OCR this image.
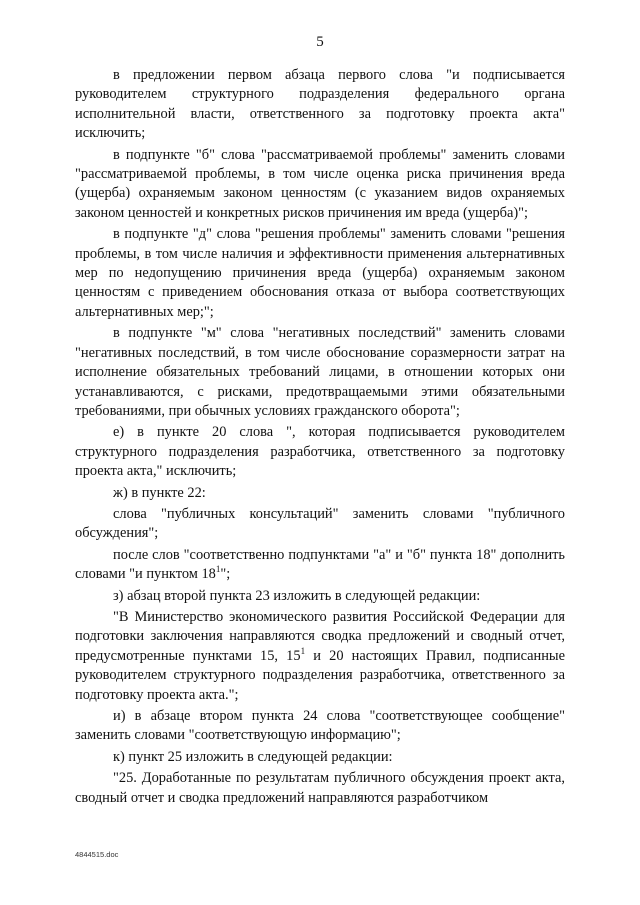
5

в предложении первом абзаца первого слова "и подписывается руководителем структурного подразделения федерального органа исполнительной власти, ответственного за подготовку проекта акта" исключить;

в подпункте "б" слова "рассматриваемой проблемы" заменить словами "рассматриваемой проблемы, в том числе оценка риска причинения вреда (ущерба) охраняемым законом ценностям (с указанием видов охраняемых законом ценностей и конкретных рисков причинения им вреда (ущерба)";

в подпункте "д" слова "решения проблемы" заменить словами "решения проблемы, в том числе наличия и эффективности применения альтернативных мер по недопущению причинения вреда (ущерба) охраняемым законом ценностям с приведением обоснования отказа от выбора соответствующих альтернативных мер;";

в подпункте "м" слова "негативных последствий" заменить словами "негативных последствий, в том числе обоснование соразмерности затрат на исполнение обязательных требований лицами, в отношении которых они устанавливаются, с рисками, предотвращаемыми этими обязательными требованиями, при обычных условиях гражданского оборота";

е) в пункте 20 слова ", которая подписывается руководителем структурного подразделения разработчика, ответственного за подготовку проекта акта," исключить;

ж) в пункте 22:

слова "публичных консультаций" заменить словами "публичного обсуждения";

после слов "соответственно подпунктами "а" и "б" пункта 18" дополнить словами "и пунктом $18^1$";

з) абзац второй пункта 23 изложить в следующей редакции:

"В Министерство экономического развития Российской Федерации для подготовки заключения направляются сводка предложений и сводный отчет, предусмотренные пунктами 15, $15^1$ и 20 настоящих Правил, подписанные руководителем структурного подразделения разработчика, ответственного за подготовку проекта акта.";

и) в абзаце втором пункта 24 слова "соответствующее сообщение" заменить словами "соответствующую информацию";

к) пункт 25 изложить в следующей редакции:

"25. Доработанные по результатам публичного обсуждения проект акта, сводный отчет и сводка предложений направляются разработчиком

4844515.doc
